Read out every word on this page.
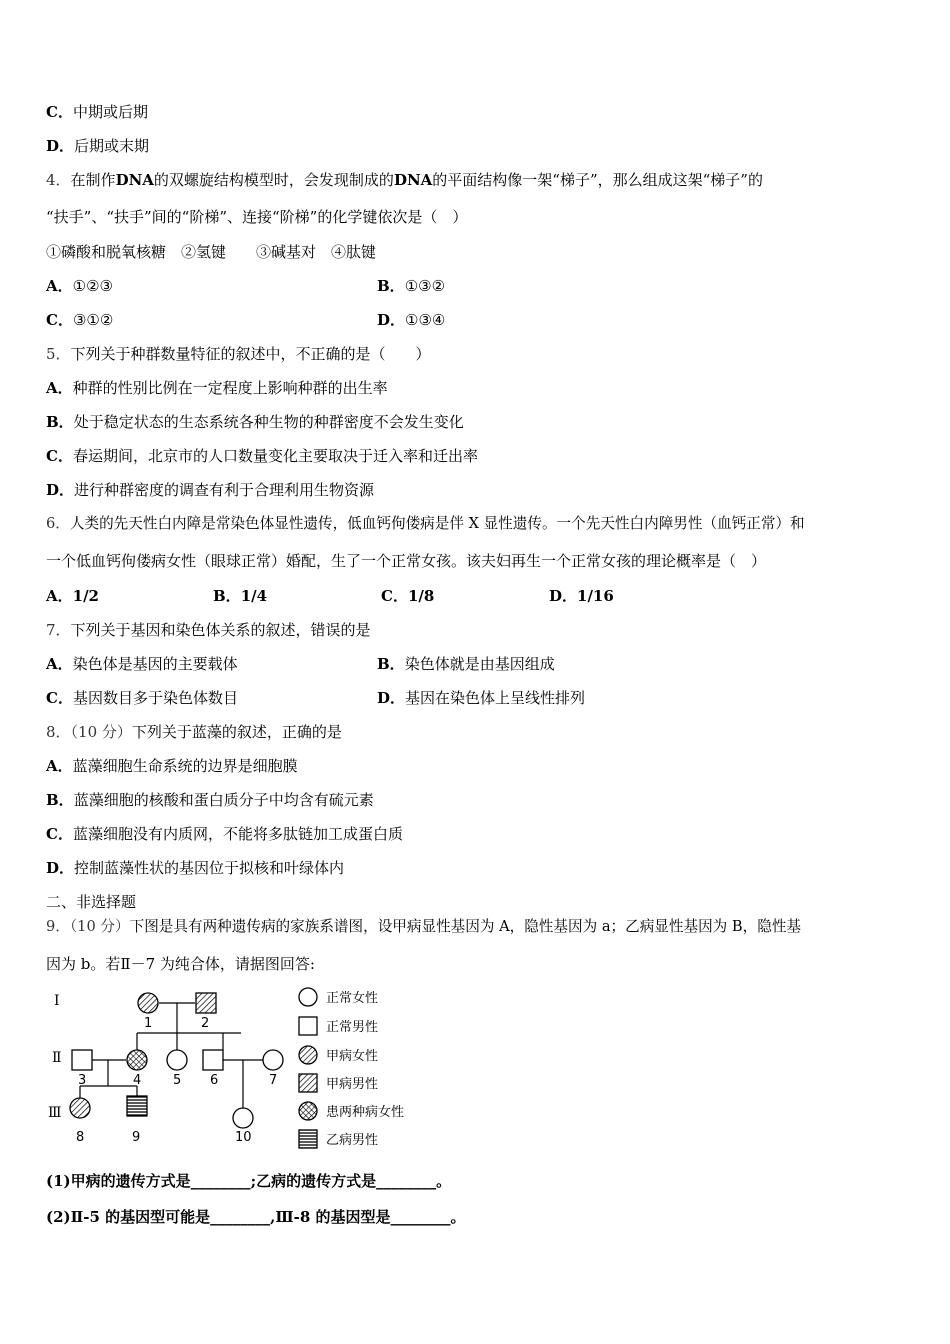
C．中期或后期
D．后期或末期
4．在制作DNA的双螺旋结构模型时，会发现制成的DNA的平面结构像一架“梯子”，那么组成这架“梯子”的
“扶手”、“扶手”间的“阶梯”、连接“阶梯”的化学键依次是（　）
①磷酸和脱氧核糖　②氢键　　③碱基对　④肽键
A．①②③	B．①③②
C．③①②	D．①③④
5．下列关于种群数量特征的叙述中，不正确的是（　　）
A．种群的性别比例在一定程度上影响种群的出生率
B．处于稳定状态的生态系统各种生物的种群密度不会发生变化
C．春运期间，北京市的人口数量变化主要取决于迁入率和迁出率
D．进行种群密度的调查有利于合理利用生物资源
6．人类的先天性白内障是常染色体显性遗传，低血钙佝偻病是伴 X 显性遗传。一个先天性白内障男性（血钙正常）和
一个低血钙佝偻病女性（眼球正常）婚配，生了一个正常女孩。该夫妇再生一个正常女孩的理论概率是（　）
A．1/2	B．1/4	C．1/8	D．1/16
7．下列关于基因和染色体关系的叙述，错误的是
A．染色体是基因的主要载体	B．染色体就是由基因组成
C．基因数目多于染色体数目	D．基因在染色体上呈线性排列
8．（10 分）下列关于蓝藻的叙述，正确的是
A．蓝藻细胞生命系统的边界是细胞膜
B．蓝藻细胞的核酸和蛋白质分子中均含有硫元素
C．蓝藻细胞没有内质网，不能将多肽链加工成蛋白质
D．控制蓝藻性状的基因位于拟核和叶绿体内
二、非选择题
9．（10 分）下图是具有两种遗传病的家族系谱图，设甲病显性基因为 A，隐性基因为 a；乙病显性基因为 B，隐性基
因为 b。若Ⅱ－7 为纯合体，请据图回答:
Ⅰ
Ⅱ
Ⅲ
1	2
3	4 5 6	7
8	9	10
正常女性
正常男性
甲病女性
甲病男性
患两种病女性
乙病男性
(1)甲病的遗传方式是________;乙病的遗传方式是________。
(2)Ⅱ-5 的基因型可能是________,Ⅲ-8 的基因型是________。
